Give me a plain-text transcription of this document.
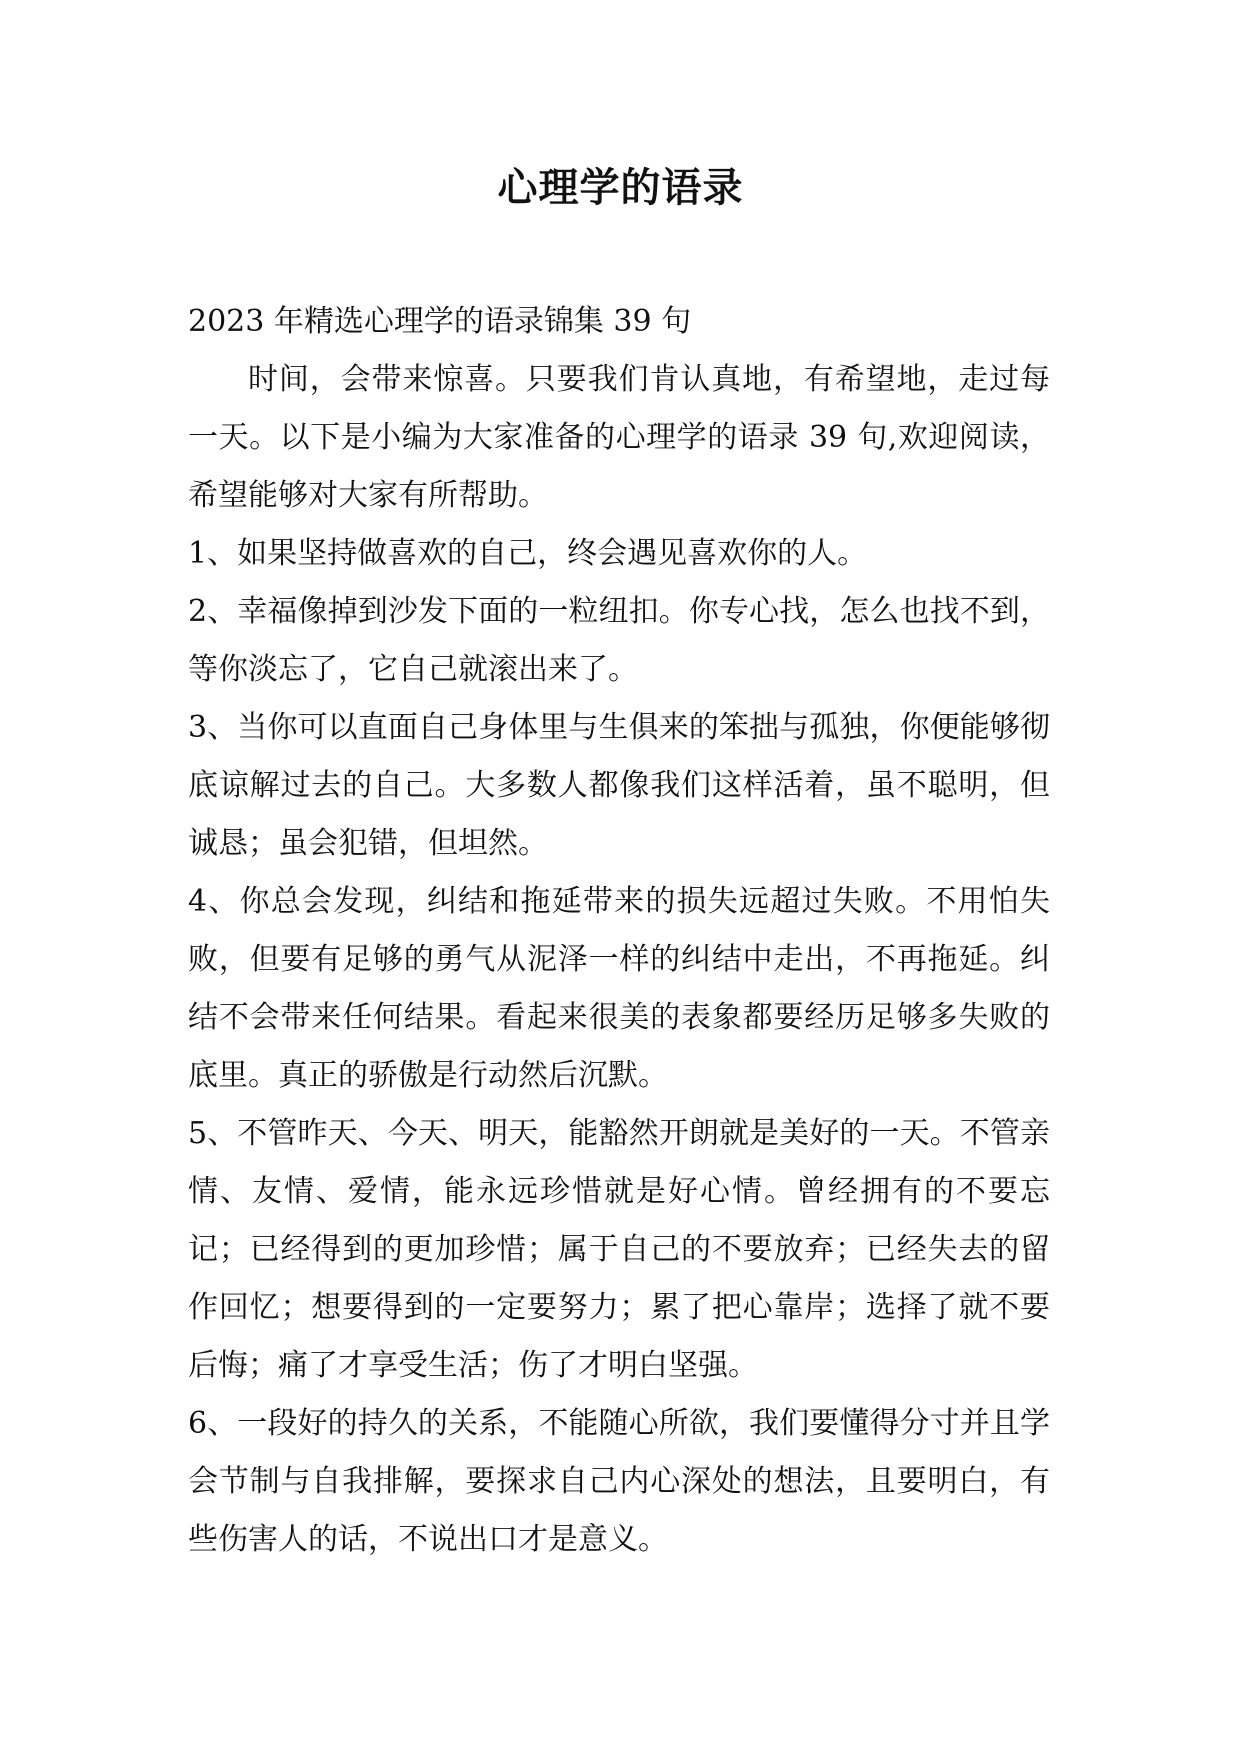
心理学的语录

2023 年精选心理学的语录锦集 39 句

时间，会带来惊喜。只要我们肯认真地，有希望地，走过每一天。以下是小编为大家准备的心理学的语录 39 句,欢迎阅读，希望能够对大家有所帮助。

1、如果坚持做喜欢的自己，终会遇见喜欢你的人。

2、幸福像掉到沙发下面的一粒纽扣。你专心找，怎么也找不到，等你淡忘了，它自己就滚出来了。

3、当你可以直面自己身体里与生俱来的笨拙与孤独，你便能够彻底谅解过去的自己。大多数人都像我们这样活着，虽不聪明，但诚恳；虽会犯错，但坦然。

4、你总会发现，纠结和拖延带来的损失远超过失败。不用怕失败，但要有足够的勇气从泥泽一样的纠结中走出，不再拖延。纠结不会带来任何结果。看起来很美的表象都要经历足够多失败的底里。真正的骄傲是行动然后沉默。

5、不管昨天、今天、明天，能豁然开朗就是美好的一天。不管亲情、友情、爱情，能永远珍惜就是好心情。曾经拥有的不要忘记；已经得到的更加珍惜；属于自己的不要放弃；已经失去的留作回忆；想要得到的一定要努力；累了把心靠岸；选择了就不要后悔；痛了才享受生活；伤了才明白坚强。

6、一段好的持久的关系，不能随心所欲，我们要懂得分寸并且学会节制与自我排解，要探求自己内心深处的想法，且要明白，有些伤害人的话，不说出口才是意义。
